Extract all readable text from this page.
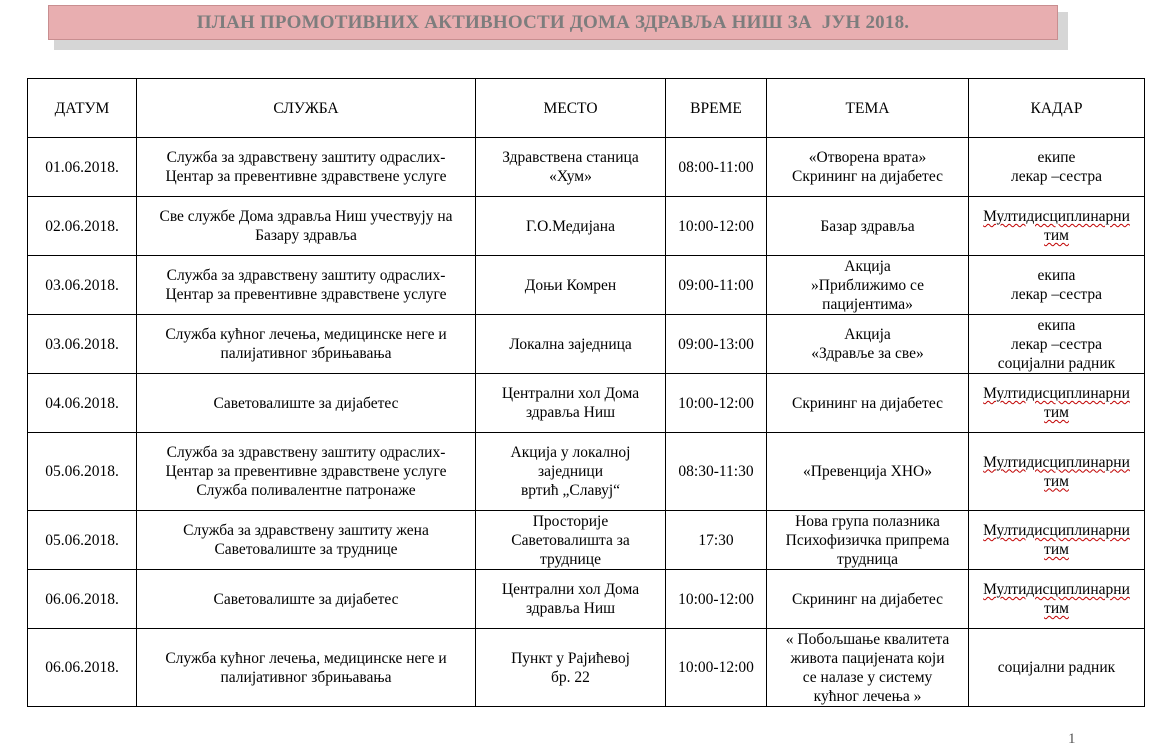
ПЛАН ПРОМОТИВНИХ АКТИВНОСТИ ДОМА ЗДРАВЉА НИШ ЗА  ЈУН 2018.
ДАТУМ	СЛУЖБА	МЕСТО	ВРЕМЕ	ТЕМА	КАДАР
01.06.2018.	Служба за здравствену заштиту одраслих-
Центар за превентивне здравствене услуге	Здравствена станица
«Хум»	08:00-11:00	«Отворена врата»
Скрининг на дијабетес	екипе
лекар –сестра

02.06.2018.	Све службе Дома здравља Ниш учествују на
Базару здравља	Г.О.Медијана	10:00-12:00	Базар здравља	Мултидисциплинарни
тим

03.06.2018.	Служба за здравствену заштиту одраслих-
Центар за превентивне здравствене услуге	Доњи Комрен	09:00-11:00	Акција
»Приближимо се
пацијентима»	екипа
лекар –сестра

03.06.2018.	Служба кућног лечења, медицинске неге и
палијативног збрињавања	Локална заједница	09:00-13:00	Акција
«Здравље за све»	екипа
лекар –сестра
социјални радник

04.06.2018.	Саветовалиште за дијабетес	Централни хол Дома
здравља Ниш	10:00-12:00	Скрининг на дијабетес	Мултидисциплинарни
тим

05.06.2018.	Служба за здравствену заштиту одраслих-
Центар за превентивне здравствене услуге
Служба поливалентне патронаже	Акција у локалној
заједници
вртић „Славуј“	08:30-11:30	«Превенција ХНО»	Мултидисциплинарни
тим

05.06.2018.	Служба за здравствену заштиту жена
Саветовалиште за труднице	Просторије
Саветовалишта за
труднице	17:30	Нова група полазника
Психофизичка припрема
трудница	Мултидисциплинарни
тим

06.06.2018.	Саветовалиште за дијабетес	Централни хол Дома
здравља Ниш	10:00-12:00	Скрининг на дијабетес	Мултидисциплинарни
тим

06.06.2018.	Служба кућног лечења, медицинске неге и
палијативног збрињавања	Пункт у Рајићевој
бр. 22	10:00-12:00	« Побољшање квалитета
живота пацијената који
се налазе у систему
кућног лечења »	социјални радник
1
